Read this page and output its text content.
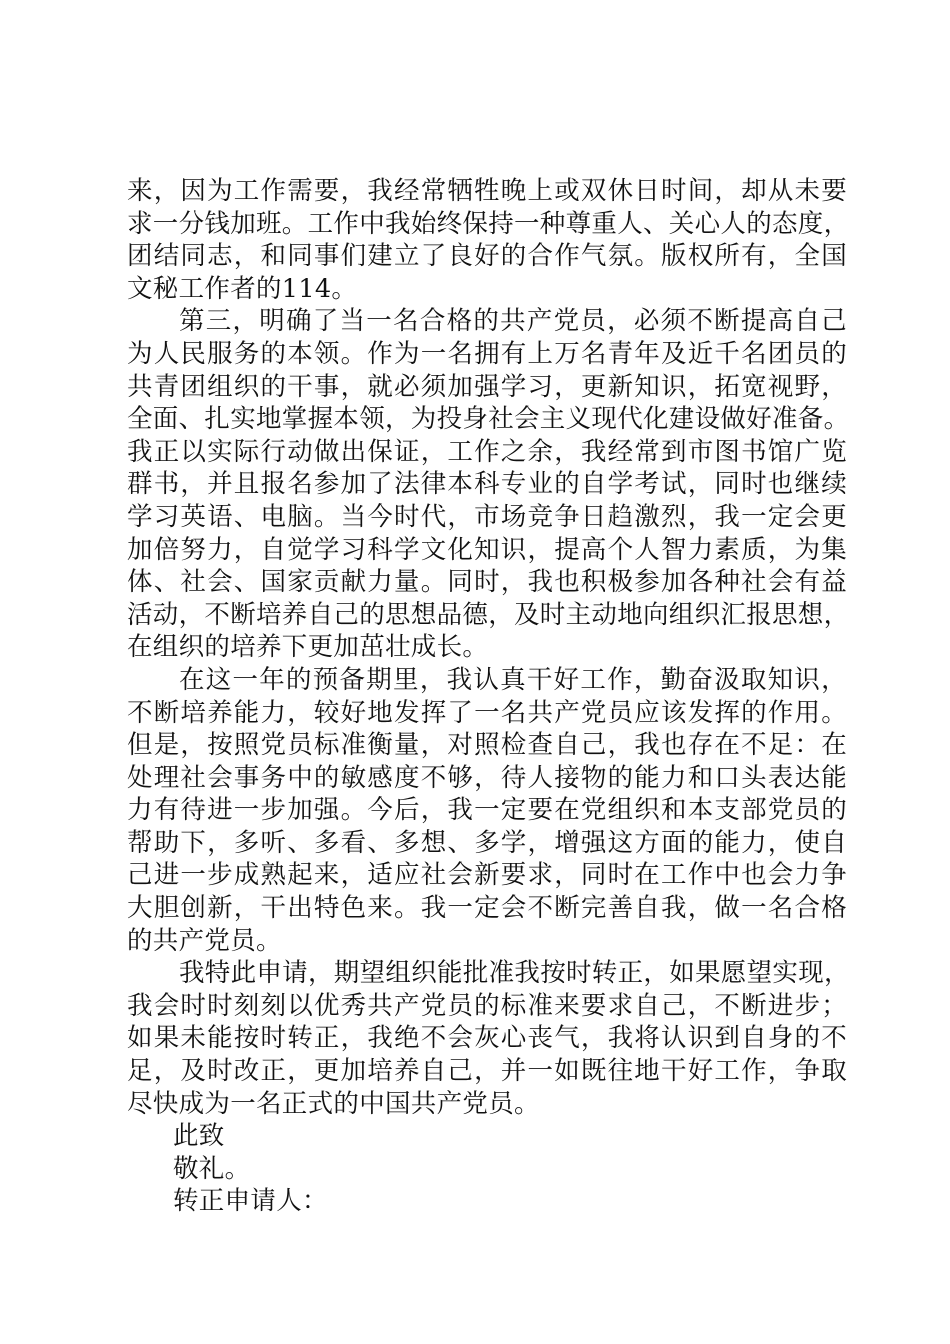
来，因为工作需要，我经常牺牲晚上或双休日时间，却从未要
求一分钱加班。工作中我始终保持一种尊重人、关心人的态度，
团结同志，和同事们建立了良好的合作气氛。版权所有，全国
文秘工作者的114。

第三，明确了当一名合格的共产党员，必须不断提高自己
为人民服务的本领。作为一名拥有上万名青年及近千名团员的
共青团组织的干事，就必须加强学习，更新知识，拓宽视野，
全面、扎实地掌握本领，为投身社会主义现代化建设做好准备。
我正以实际行动做出保证，工作之余，我经常到市图书馆广览
群书，并且报名参加了法律本科专业的自学考试，同时也继续
学习英语、电脑。当今时代，市场竞争日趋激烈，我一定会更
加倍努力，自觉学习科学文化知识，提高个人智力素质，为集
体、社会、国家贡献力量。同时，我也积极参加各种社会有益
活动，不断培养自己的思想品德，及时主动地向组织汇报思想，
在组织的培养下更加茁壮成长。

在这一年的预备期里，我认真干好工作，勤奋汲取知识，
不断培养能力，较好地发挥了一名共产党员应该发挥的作用。
但是，按照党员标准衡量，对照检查自己，我也存在不足：在
处理社会事务中的敏感度不够，待人接物的能力和口头表达能
力有待进一步加强。今后，我一定要在党组织和本支部党员的
帮助下，多听、多看、多想、多学，增强这方面的能力，使自
己进一步成熟起来，适应社会新要求，同时在工作中也会力争
大胆创新，干出特色来。我一定会不断完善自我，做一名合格
的共产党员。

我特此申请，期望组织能批准我按时转正，如果愿望实现，
我会时时刻刻以优秀共产党员的标准来要求自己，不断进步；
如果未能按时转正，我绝不会灰心丧气，我将认识到自身的不
足，及时改正，更加培养自己，并一如既往地干好工作，争取
尽快成为一名正式的中国共产党员。

此致

敬礼。

转正申请人：
